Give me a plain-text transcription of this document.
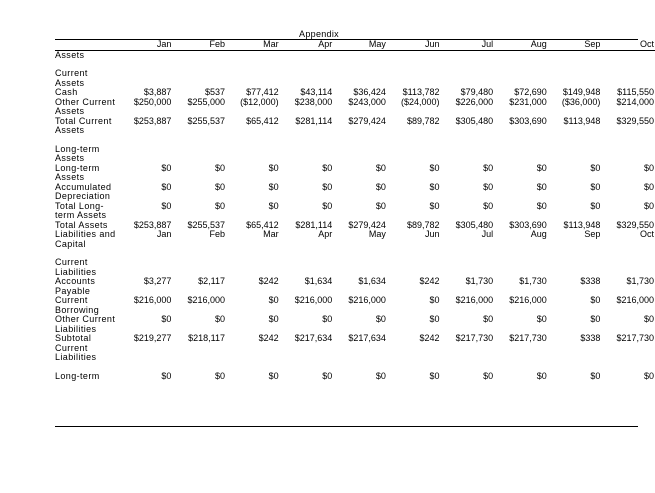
Appendix
	Jan	Feb	Mar	Apr	May	Jun	Jul	Aug	Sep	Oct
Assets										

Current Assets										
Cash	$3,887	$537	$77,412	$43,114	$36,424	$113,782	$79,480	$72,690	$149,948	$115,550
Other Current Assets	$250,000	$255,000	($12,000)	$238,000	$243,000	($24,000)	$226,000	$231,000	($36,000)	$214,000
Total Current Assets	$253,887	$255,537	$65,412	$281,114	$279,424	$89,782	$305,480	$303,690	$113,948	$329,550

Long-term Assets										
Long-term Assets	$0	$0	$0	$0	$0	$0	$0	$0	$0	$0
Accumulated Depreciation	$0	$0	$0	$0	$0	$0	$0	$0	$0	$0
Total Long-term Assets	$0	$0	$0	$0	$0	$0	$0	$0	$0	$0
Total Assets	$253,887	$255,537	$65,412	$281,114	$279,424	$89,782	$305,480	$303,690	$113,948	$329,550
Liabilities and Capital	Jan	Feb	Mar	Apr	May	Jun	Jul	Aug	Sep	Oct

Current Liabilities										
Accounts Payable	$3,277	$2,117	$242	$1,634	$1,634	$242	$1,730	$1,730	$338	$1,730
Current Borrowing	$216,000	$216,000	$0	$216,000	$216,000	$0	$216,000	$216,000	$0	$216,000
Other Current Liabilities	$0	$0	$0	$0	$0	$0	$0	$0	$0	$0
Subtotal Current Liabilities	$219,277	$218,117	$242	$217,634	$217,634	$242	$217,730	$217,730	$338	$217,730

Long-term	$0	$0	$0	$0	$0	$0	$0	$0	$0	$0
